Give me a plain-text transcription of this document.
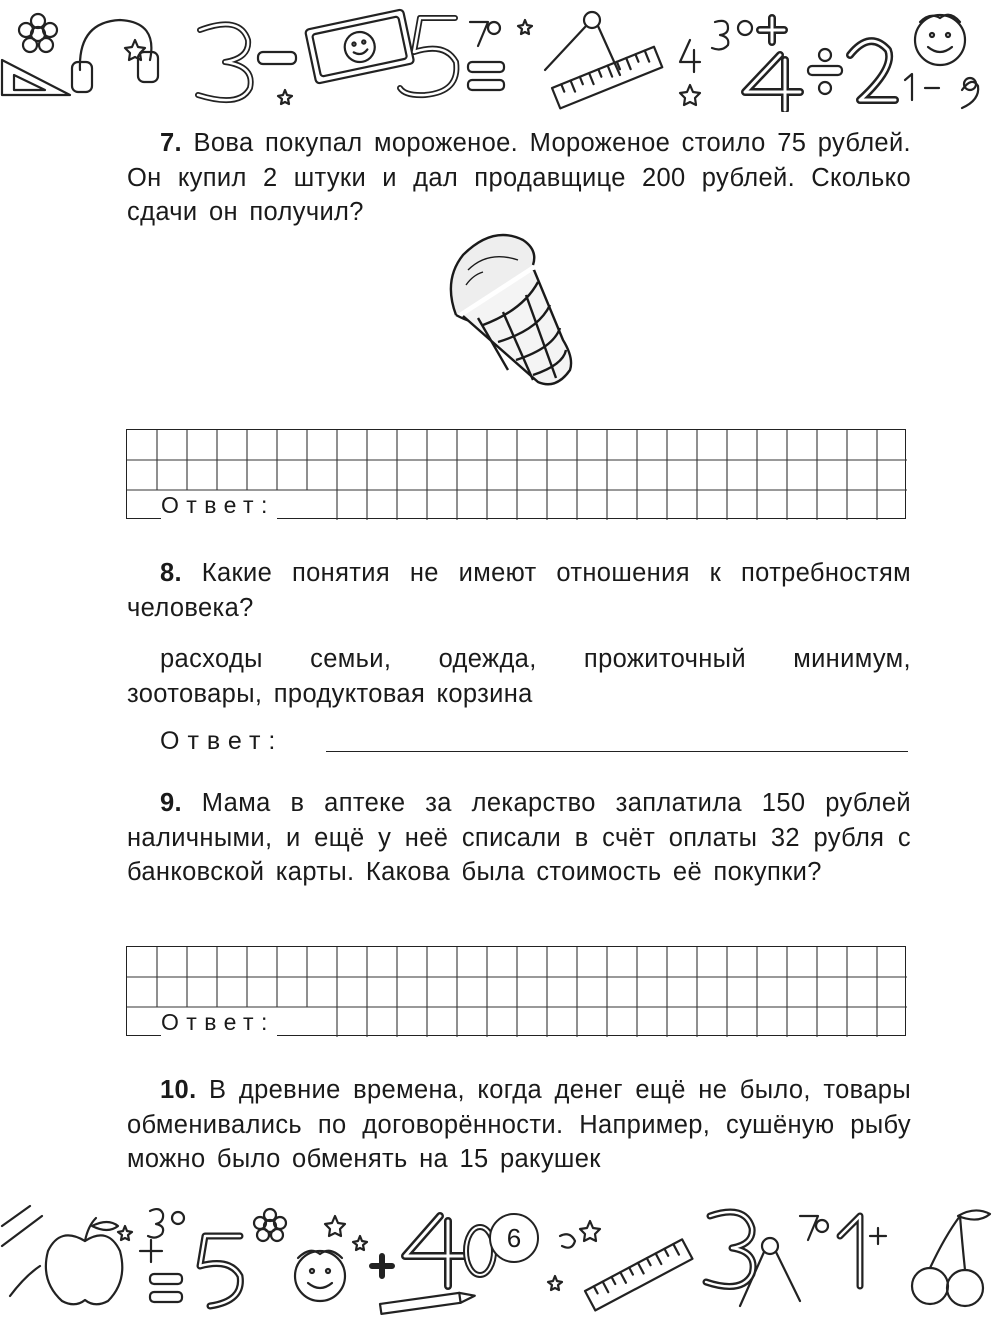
7. Вова покупал мороженое. Мороженое стоило 75 рублей. Он купил 2 штуки и дал продавщице 200 рублей. Сколько сдачи он получил?

Ответ:

8. Какие понятия не имеют отношения к потребностям человека?

расходы семьи, одежда, прожиточный минимум, зоотовары, продуктовая корзина

Ответ:

9. Мама в аптеке за лекарство заплатила 150 рублей наличными, и ещё у неё списали в счёт оплаты 32 рубля с банковской карты. Какова была стоимость её покупки?

Ответ:

10. В древние времена, когда денег ещё не было, товары обменивались по договорённости. Например, сушёную рыбу можно было обменять на 15 ракушек

6
